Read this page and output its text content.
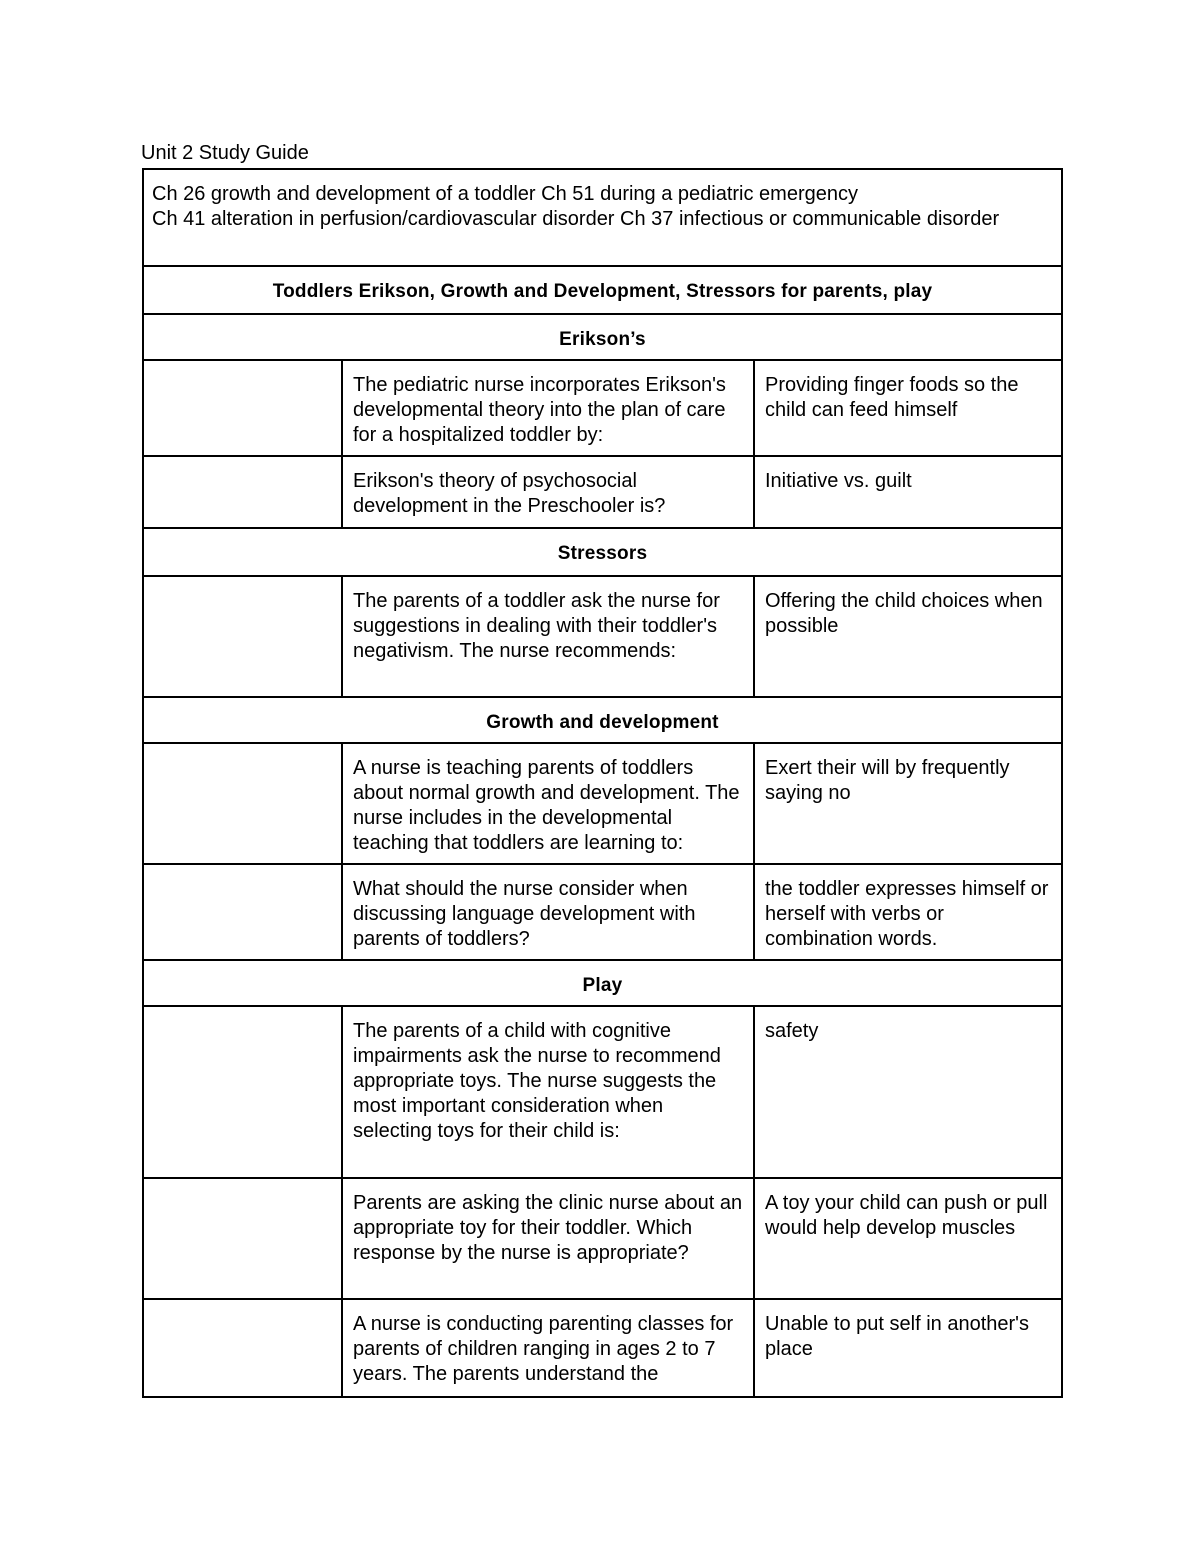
Unit 2 Study Guide
Ch 26 growth and development of a toddler Ch 51 during a pediatric emergency
Ch 41 alteration in perfusion/cardiovascular disorder Ch 37 infectious or communicable disorder		

Toddlers Erikson, Growth and Development, Stressors for parents, play		

Erikson’s		

	The pediatric nurse incorporates Erikson's developmental theory into the plan of care for a hospitalized toddler by:	Providing finger foods so the child can feed himself

	Erikson's theory of psychosocial development in the Preschooler is?	Initiative vs. guilt

Stressors		

	The parents of a toddler ask the nurse for suggestions in dealing with their toddler's negativism. The nurse recommends:	Offering the child choices when possible

Growth and development		

	A nurse is teaching parents of toddlers about normal growth and development. The nurse includes in the developmental teaching that toddlers are learning to:	Exert their will by frequently saying no

	What should the nurse consider when discussing language development with parents of toddlers?	the toddler expresses himself or herself with verbs or combination words.

Play		

	The parents of a child with cognitive impairments ask the nurse to recommend appropriate toys. The nurse suggests the most important consideration when selecting toys for their child is:	safety

	Parents are asking the clinic nurse about an appropriate toy for their toddler. Which response by the nurse is appropriate?	A toy your child can push or pull would help develop muscles

	A nurse is conducting parenting classes for parents of children ranging in ages 2 to 7 years. The parents understand the	Unable to put self in another's place
